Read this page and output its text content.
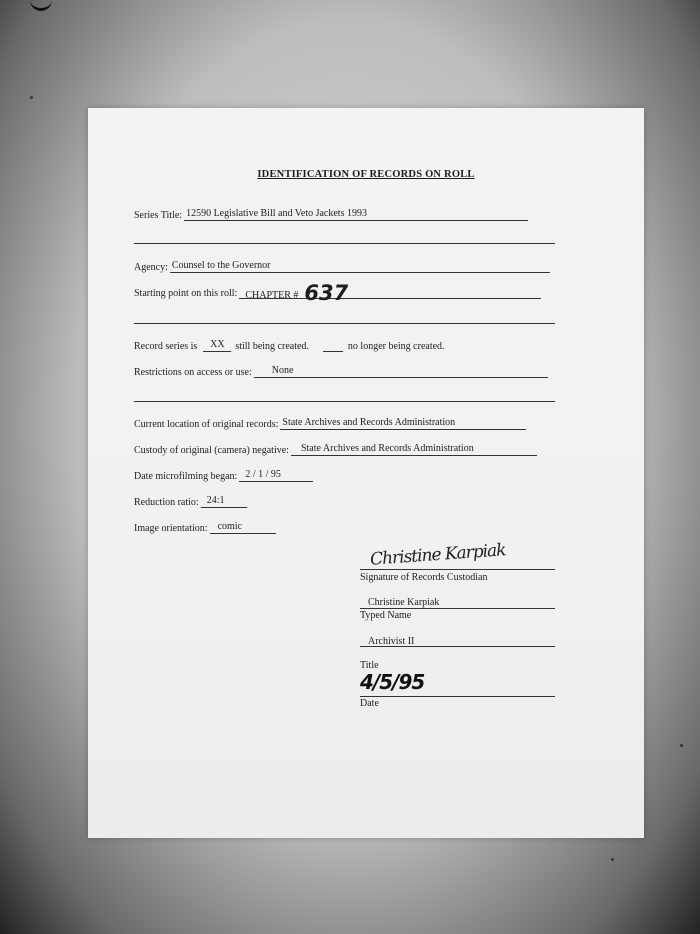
IDENTIFICATION OF RECORDS ON ROLL
Series Title: 12590 Legislative Bill and Veto Jackets 1993
Agency: Counsel to the Governor
Starting point on this roll: CHAPTER # 637
Record series is	XX	still being created.	no longer being created.
Restrictions on access or use:	None
Current location of original records: State Archives and Records Administration
Custody of original (camera) negative:	State Archives and Records Administration
Date microfilming began: 2 / 1 / 95
Reduction ratio: 24:1
Image orientation:	comic
Christine Karpiak
Signature of Records Custodian
Christine Karpiak
Typed Name
Archivist II
Title
4/5/95
Date
